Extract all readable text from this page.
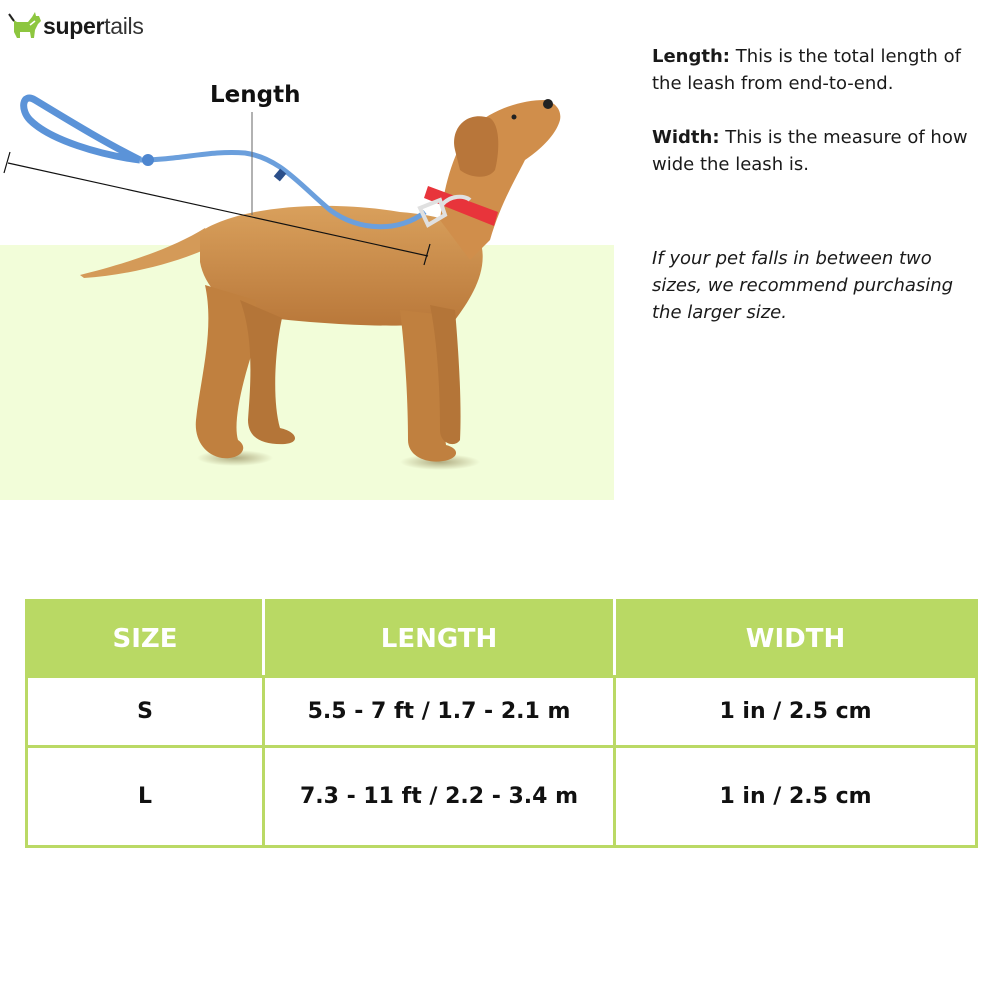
supertails
Length
Length: This is the total length of the leash from end-to-end.
Width: This is the measure of how wide the leash is.
If your pet falls in between two sizes, we recommend purchasing the larger size.
SIZE	LENGTH	WIDTH
S	5.5 - 7 ft / 1.7 - 2.1 m	1 in / 2.5 cm
L	7.3 - 11 ft / 2.2 - 3.4 m	1 in / 2.5 cm
